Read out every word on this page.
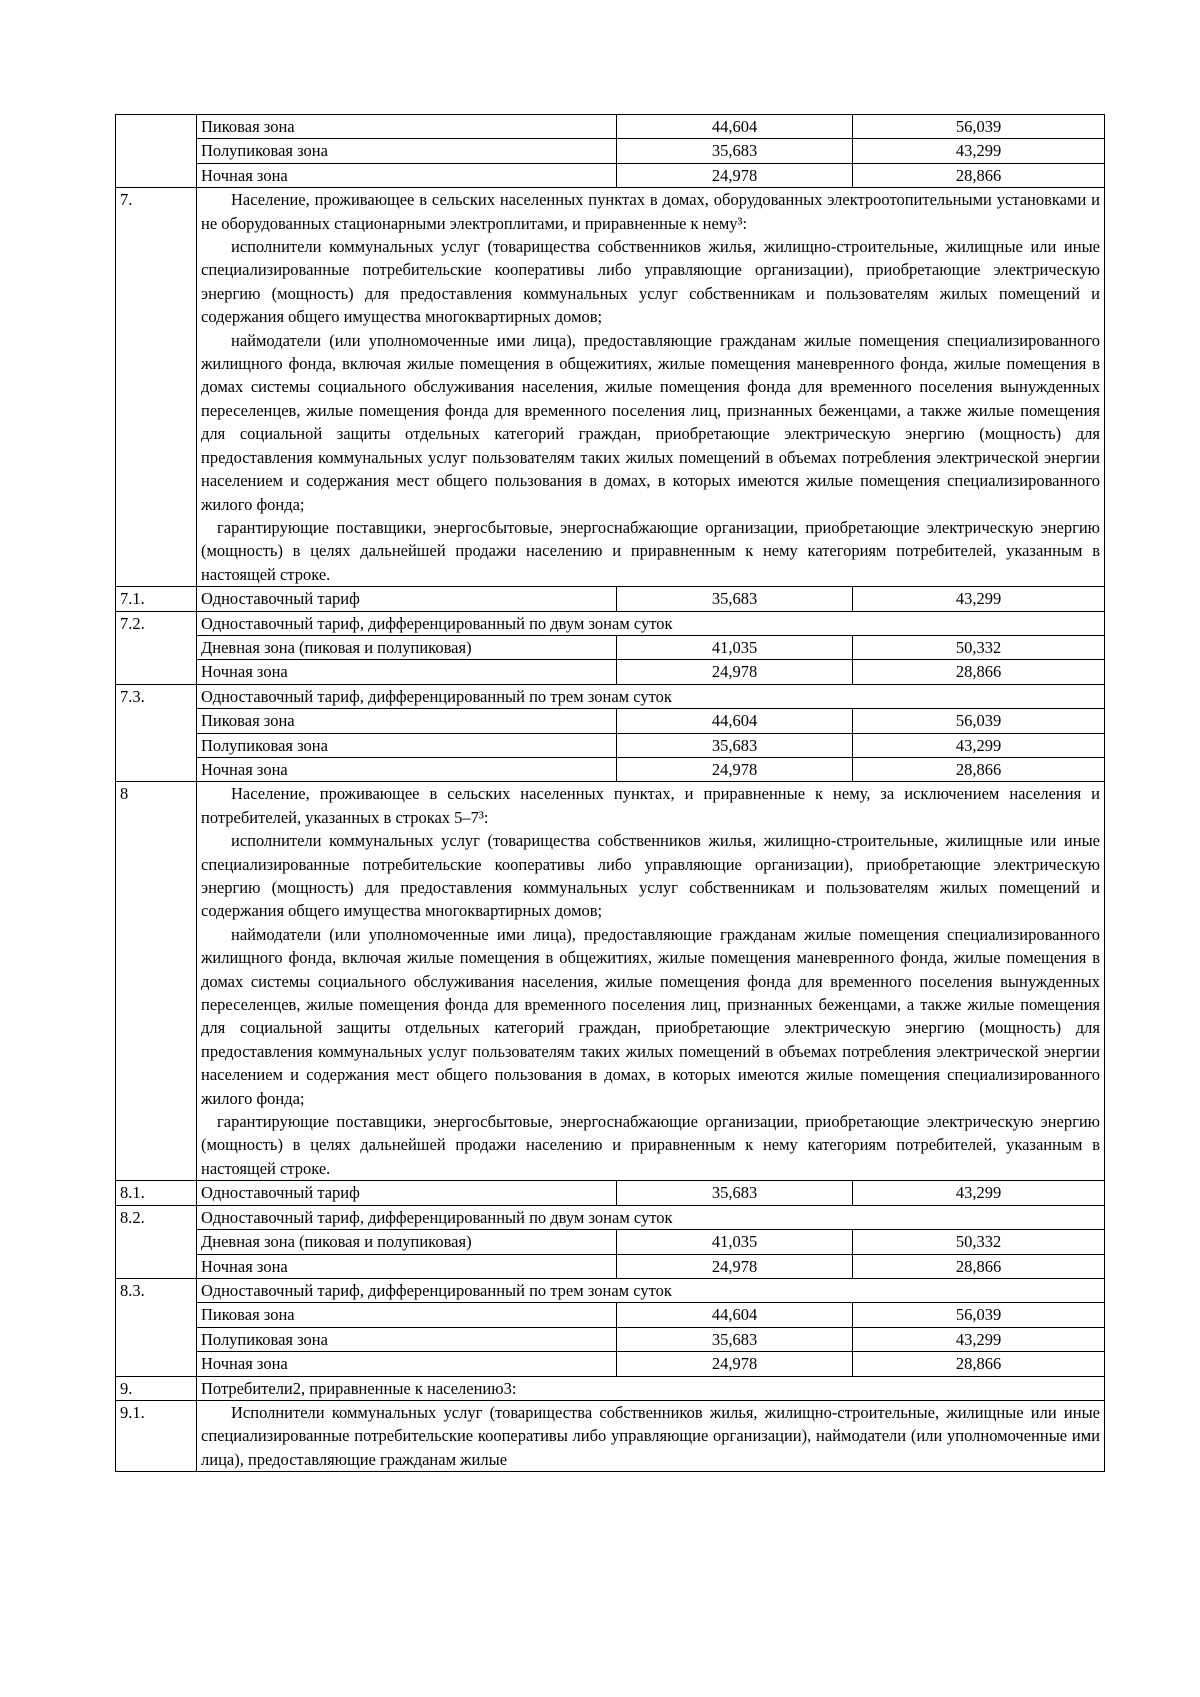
	Пиковая зона	44,604	56,039
	Полупиковая зона	35,683	43,299
	Ночная зона	24,978	28,866
7.	Население, проживающее в сельских населенных пунктах в домах, оборудованных электроотопительными установками и не оборудованных стационарными электроплитами, и приравненные к нему³:

исполнители коммунальных услуг (товарищества собственников жилья, жилищно-строительные, жилищные или иные специализированные потребительские кооперативы либо управляющие организации), приобретающие электрическую энергию (мощность) для предоставления коммунальных услуг собственникам и пользователям жилых помещений и содержания общего имущества многоквартирных домов;

наймодатели (или уполномоченные ими лица), предоставляющие гражданам жилые помещения специализированного жилищного фонда, включая жилые помещения в общежитиях, жилые помещения маневренного фонда, жилые помещения в домах системы социального обслуживания населения, жилые помещения фонда для временного поселения вынужденных переселенцев, жилые помещения фонда для временного поселения лиц, признанных беженцами, а также жилые помещения для социальной защиты отдельных категорий граждан, приобретающие электрическую энергию (мощность) для предоставления коммунальных услуг пользователям таких жилых помещений в объемах потребления электрической энергии населением и содержания мест общего пользования в домах, в которых имеются жилые помещения специализированного жилого фонда;

гарантирующие поставщики, энергосбытовые, энергоснабжающие организации, приобретающие электрическую энергию (мощность) в целях дальнейшей продажи населению и приравненным к нему категориям потребителей, указанным в настоящей строке.		

7.1.	Одноставочный тариф	35,683	43,299
7.2.	Одноставочный тариф, дифференцированный по двум зонам суток		
	Дневная зона (пиковая и полупиковая)	41,035	50,332
	Ночная зона	24,978	28,866
7.3.	Одноставочный тариф, дифференцированный по трем зонам суток		
	Пиковая зона	44,604	56,039
	Полупиковая зона	35,683	43,299
	Ночная зона	24,978	28,866
8	Население, проживающее в сельских населенных пунктах, и приравненные к нему, за исключением населения и потребителей, указанных в строках 5–7³:

исполнители коммунальных услуг (товарищества собственников жилья, жилищно-строительные, жилищные или иные специализированные потребительские кооперативы либо управляющие организации), приобретающие электрическую энергию (мощность) для предоставления коммунальных услуг собственникам и пользователям жилых помещений и содержания общего имущества многоквартирных домов;

наймодатели (или уполномоченные ими лица), предоставляющие гражданам жилые помещения специализированного жилищного фонда, включая жилые помещения в общежитиях, жилые помещения маневренного фонда, жилые помещения в домах системы социального обслуживания населения, жилые помещения фонда для временного поселения вынужденных переселенцев, жилые помещения фонда для временного поселения лиц, признанных беженцами, а также жилые помещения для социальной защиты отдельных категорий граждан, приобретающие электрическую энергию (мощность) для предоставления коммунальных услуг пользователям таких жилых помещений в объемах потребления электрической энергии населением и содержания мест общего пользования в домах, в которых имеются жилые помещения специализированного жилого фонда;

гарантирующие поставщики, энергосбытовые, энергоснабжающие организации, приобретающие электрическую энергию (мощность) в целях дальнейшей продажи населению и приравненным к нему категориям потребителей, указанным в настоящей строке.		

8.1.	Одноставочный тариф	35,683	43,299
8.2.	Одноставочный тариф, дифференцированный по двум зонам суток		
	Дневная зона (пиковая и полупиковая)	41,035	50,332
	Ночная зона	24,978	28,866
8.3.	Одноставочный тариф, дифференцированный по трем зонам суток		
	Пиковая зона	44,604	56,039
	Полупиковая зона	35,683	43,299
	Ночная зона	24,978	28,866
9.	Потребители2, приравненные к населению3:		
9.1.	Исполнители коммунальных услуг (товарищества собственников жилья, жилищно-строительные, жилищные или иные специализированные потребительские кооперативы либо управляющие организации), наймодатели (или уполномоченные ими лица), предоставляющие гражданам жилые		
